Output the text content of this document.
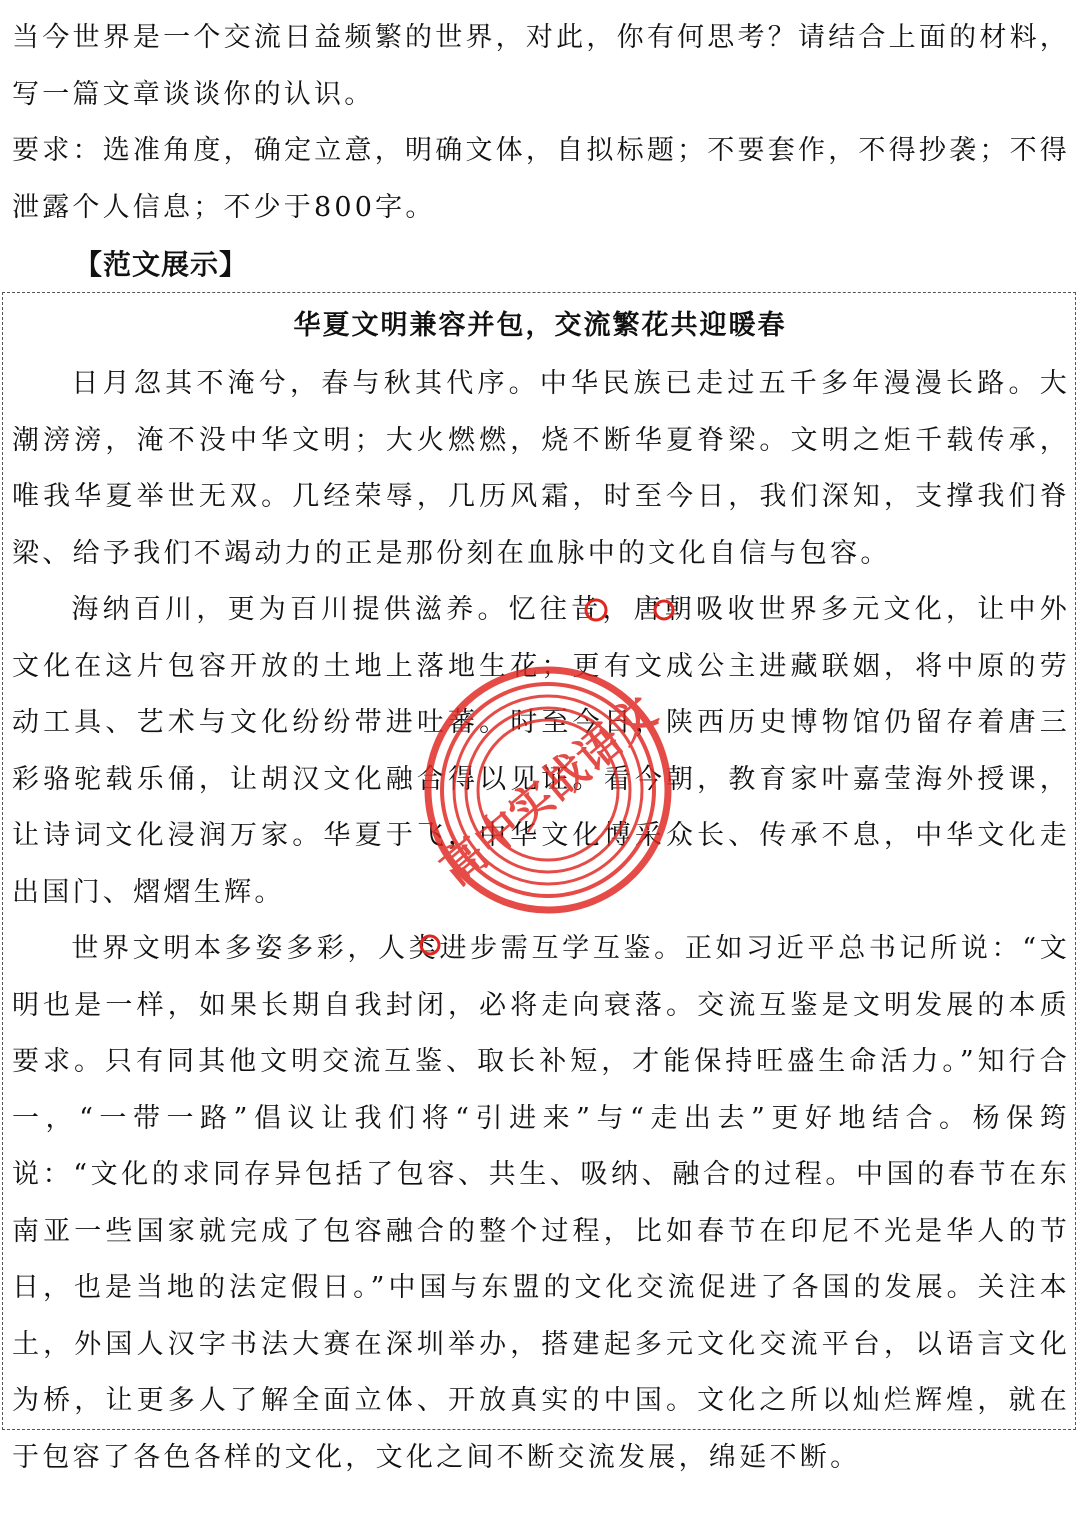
当今世界是一个交流日益频繁的世界，对此，你有何思考？请结合上面的材料，写一篇文章谈谈你的认识。

要求：选准角度，确定立意，明确文体，自拟标题；不要套作，不得抄袭；不得泄露个人信息；不少于800字。

【范文展示】
华夏文明兼容并包，交流繁花共迎暖春

日月忽其不淹兮，春与秋其代序。中华民族已走过五千多年漫漫长路。大潮滂滂，淹不没中华文明；大火燃燃，烧不断华夏脊梁。文明之炬千载传承，唯我华夏举世无双。几经荣辱，几历风霜，时至今日，我们深知，支撑我们脊梁、给予我们不竭动力的正是那份刻在血脉中的文化自信与包容。

海纳百川，更为百川提供滋养。忆往昔，唐朝吸收世界多元文化，让中外文化在这片包容开放的土地上落地生花；更有文成公主进藏联姻，将中原的劳动工具、艺术与文化纷纷带进吐蕃。时至今日，陕西历史博物馆仍留存着唐三彩骆驼载乐俑，让胡汉文化融合得以见证。看今朝，教育家叶嘉莹海外授课，让诗词文化浸润万家。华夏于飞，中华文化博采众长、传承不息，中华文化走出国门、熠熠生辉。

世界文明本多姿多彩，人类进步需互学互鉴。正如习近平总书记所说：“文明也是一样，如果长期自我封闭，必将走向衰落。交流互鉴是文明发展的本质要求。只有同其他文明交流互鉴、取长补短，才能保持旺盛生命活力。”知行合一，“一带一路”倡议让我们将“引进来”与“走出去”更好地结合。杨保筠说：“文化的求同存异包括了包容、共生、吸纳、融合的过程。中国的春节在东南亚一些国家就完成了包容融合的整个过程，比如春节在印尼不光是华人的节日，也是当地的法定假日。”中国与东盟的文化交流促进了各国的发展。关注本土，外国人汉字书法大赛在深圳举办，搭建起多元文化交流平台，以语言文化为桥，让更多人了解全面立体、开放真实的中国。文化之所以灿烂辉煌，就在于包容了各色各样的文化，文化之间不断交流发展，绵延不断。

高中实战语文
